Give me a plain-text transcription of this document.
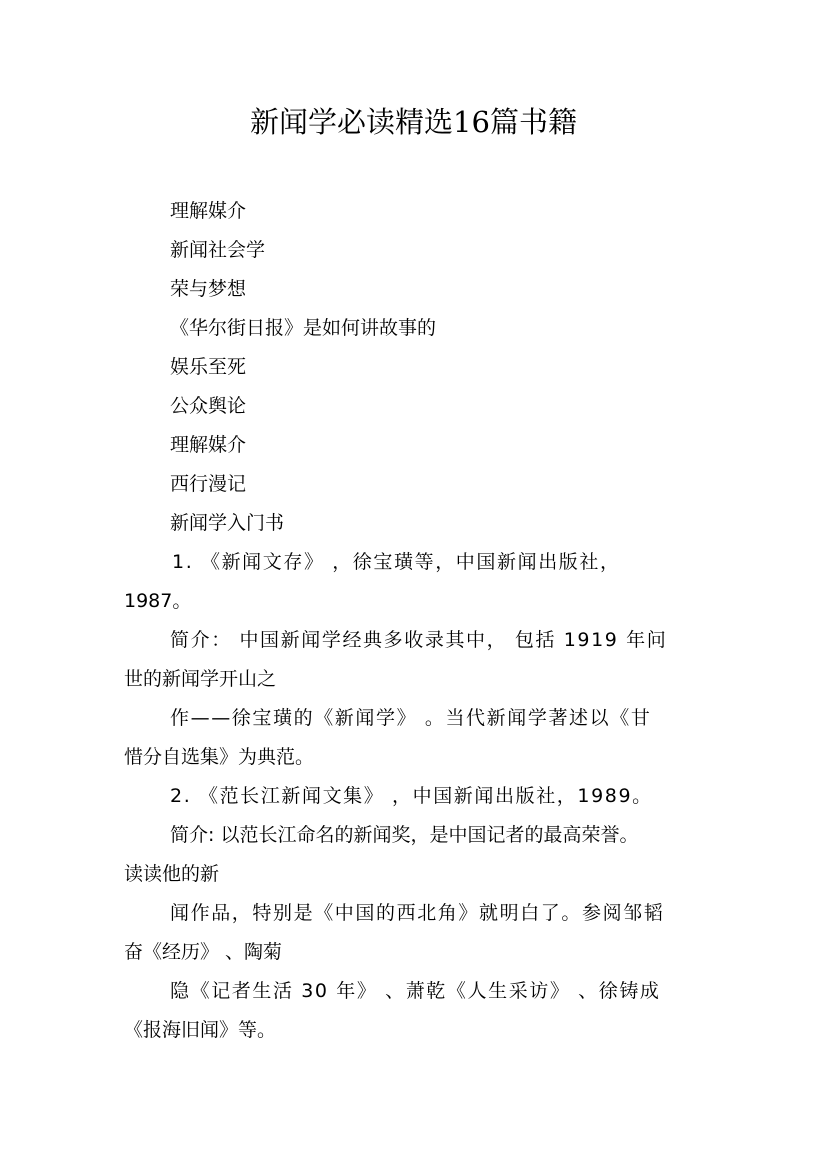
新闻学必读精选16篇书籍
理解媒介
新闻社会学
荣与梦想
《华尔街日报》是如何讲故事的
娱乐至死
公众舆论
理解媒介
西行漫记
新闻学入门书
1. 《新闻文存》 ，徐宝璜等，中国新闻出版社，
1987。
简介： 中国新闻学经典多收录其中， 包括 1919 年问
世的新闻学开山之
作——徐宝璜的《新闻学》 。当代新闻学著述以《甘
惜分自选集》为典范。
2. 《范长江新闻文集》 ，中国新闻出版社，1989。
简介: 以范长江命名的新闻奖，是中国记者的最高荣誉。
读读他的新
闻作品，特别是《中国的西北角》就明白了。参阅邹韬
奋《经历》 、陶菊
隐《记者生活 30 年》 、萧乾《人生采访》 、徐铸成
《报海旧闻》等。
